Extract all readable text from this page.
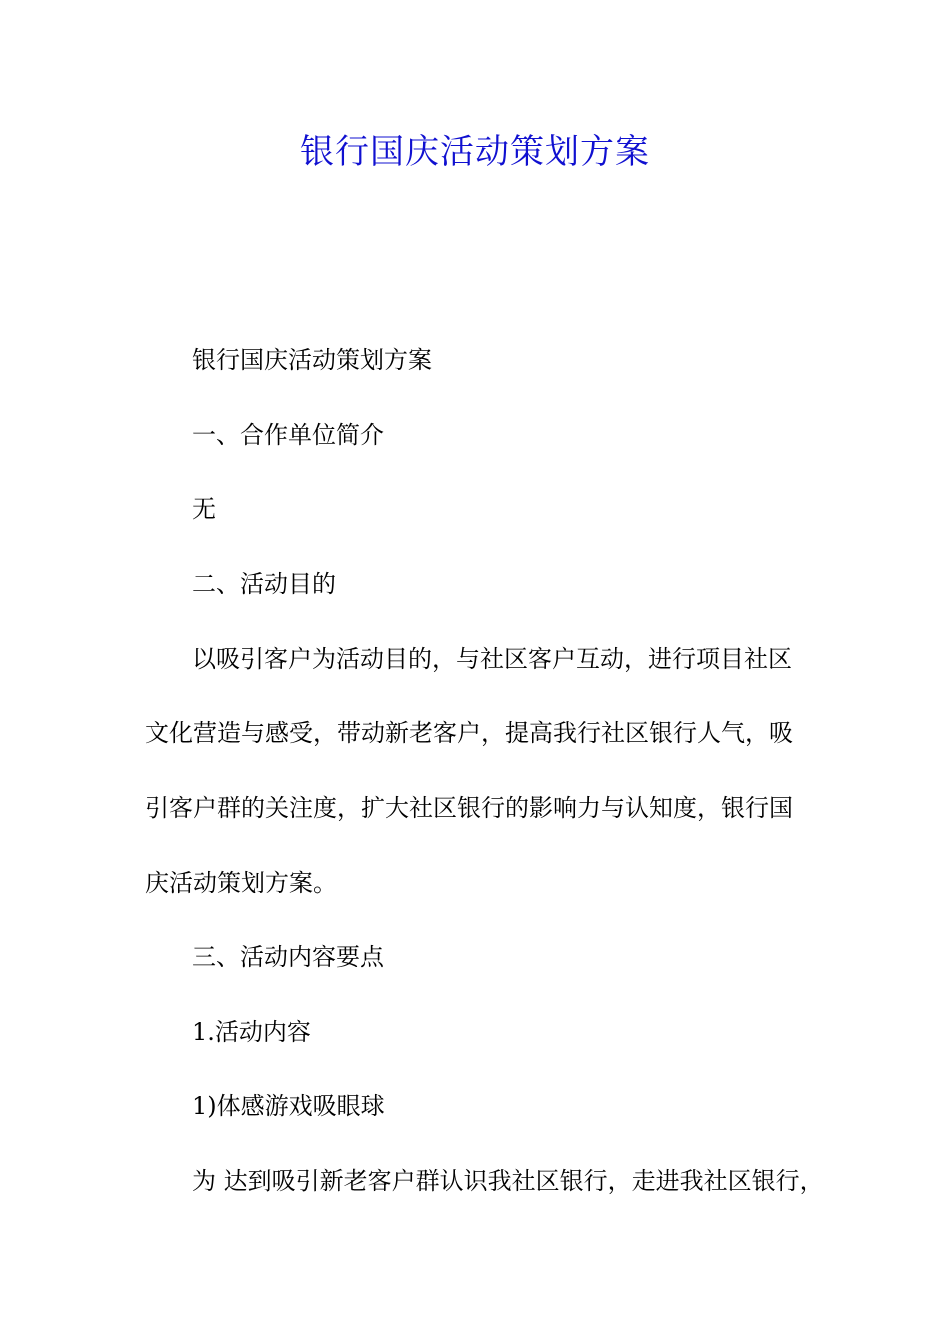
银行国庆活动策划方案

银行国庆活动策划方案

一、合作单位简介

无

二、活动目的

以吸引客户为活动目的，与社区客户互动，进行项目社区

文化营造与感受，带动新老客户，提高我行社区银行人气，吸

引客户群的关注度，扩大社区银行的影响力与认知度，银行国

庆活动策划方案。

三、活动内容要点

1.活动内容

1)体感游戏吸眼球

为 达到吸引新老客户群认识我社区银行，走进我社区银行，
